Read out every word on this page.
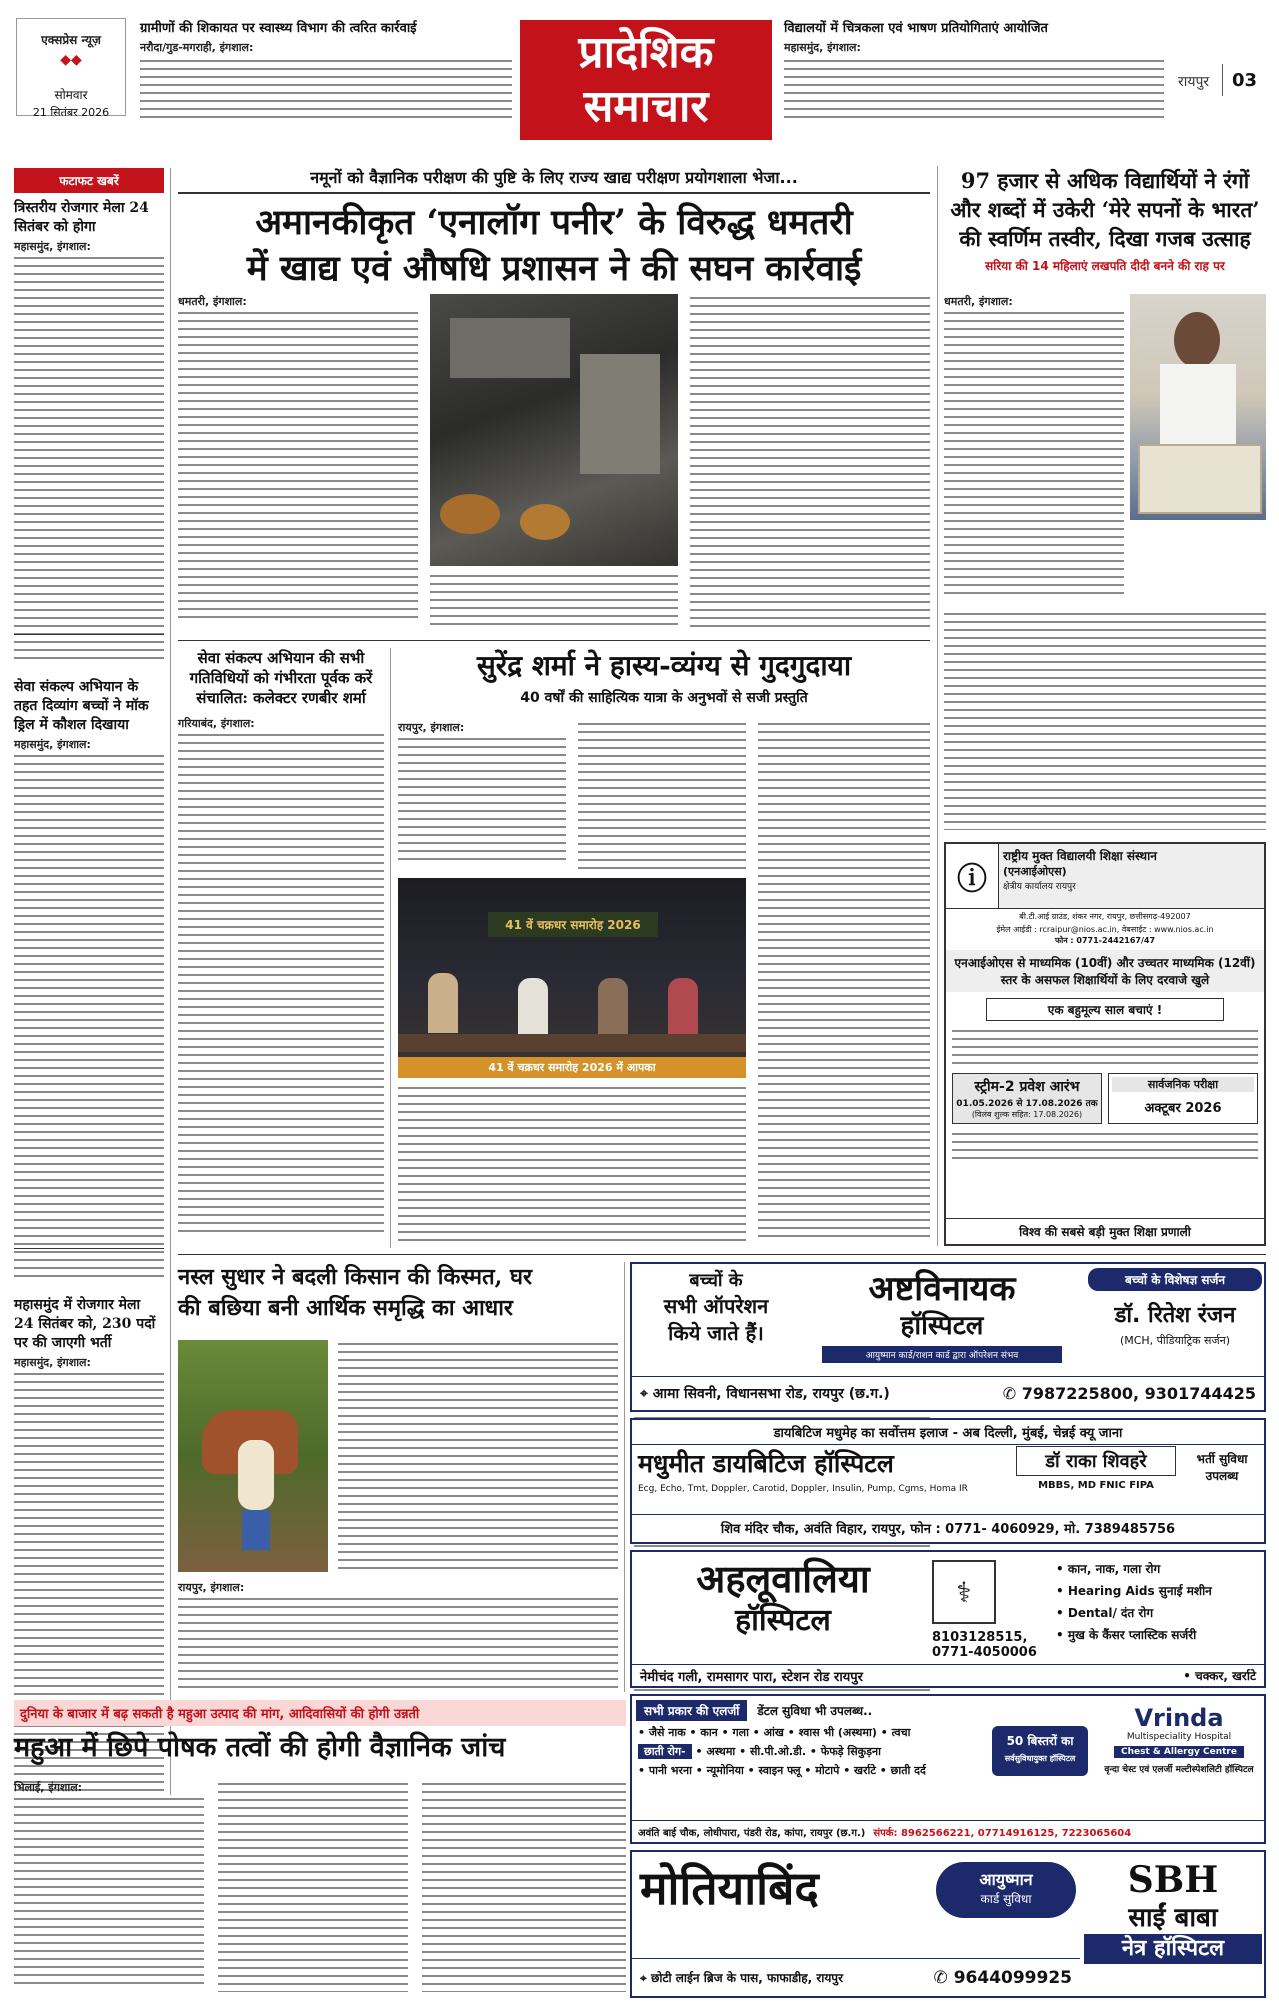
एक्सप्रेस न्यूज़
◆◆
सोमवार
21 सितंबर 2026
ग्रामीणों की शिकायत पर स्वास्थ्य विभाग की त्वरित कार्रवाई
नरौदा/गुड-मगराही, इंगशाल:	प्रादेशिक समाचार
विद्यालयों में चित्रकला एवं भाषण प्रतियोगिताएं आयोजित
महासमुंद, इंगशाल:
रायपुर 03
फटाफट खबरें
त्रिस्तरीय रोजगार मेला 24 सितंबर को होगा
महासमुंद, इंगशाल:
सेवा संकल्प अभियान के तहत दिव्यांग बच्चों ने मॉक ड्रिल में कौशल दिखाया
महासमुंद, इंगशाल:
महासमुंद में रोजगार मेला 24 सितंबर को, 230 पदों पर की जाएगी भर्ती
महासमुंद, इंगशाल:
नमूनों को वैज्ञानिक परीक्षण की पुष्टि के लिए राज्य खाद्य परीक्षण प्रयोगशाला भेजा...
अमानकीकृत ‘एनालॉग पनीर’ के विरुद्ध धमतरी
में खाद्य एवं औषधि प्रशासन ने की सघन कार्रवाई
धमतरी, इंगशाल:
97 हजार से अधिक विद्यार्थियों ने रंगों
और शब्दों में उकेरी ‘मेरे सपनों के भारत’
की स्वर्णिम तस्वीर, दिखा गजब उत्साह
सरिया की 14 महिलाएं लखपति दीदी बनने की राह पर
धमतरी, इंगशाल:
सेवा संकल्प अभियान की सभी
गतिविधियों को गंभीरता पूर्वक करें
संचालित: कलेक्टर रणबीर शर्मा
गरियाबंद, इंगशाल:
सुरेंद्र शर्मा ने हास्य-व्यंग्य से गुदगुदाया
40 वर्षों की साहित्यिक यात्रा के अनुभवों से सजी प्रस्तुति
रायपुर, इंगशाल:
41 वें चक्रधर समारोह 2026
41 वें चक्रधर समारोह 2026 में आपका
ⓘ
राष्ट्रीय मुक्त विद्यालयी शिक्षा संस्थान
(एनआईओएस)
क्षेत्रीय कार्यालय रायपुर
बी.टी.आई ग्राउंड, शंकर नगर, रायपुर, छत्तीसगढ़-492007
ईमेल आईडी : rcraipur@nios.ac.in, वेबसाईट : www.nios.ac.in
फोन : 0771-2442167/47
एनआईओएस से माध्यमिक (10वीं) और उच्चतर माध्यमिक (12वीं) स्तर के असफल शिक्षार्थियों के लिए दरवाजे खुले
एक बहुमूल्य साल बचाएं !
स्ट्रीम-2 प्रवेश आरंभ
01.05.2026 से 17.08.2026 तक
(विलंब शुल्क सहित: 17.08.2026)
सार्वजनिक परीक्षा
अक्टूबर 2026
विश्व की सबसे बड़ी मुक्त शिक्षा प्रणाली
नस्ल सुधार ने बदली किसान की किस्मत, घर
की बछिया बनी आर्थिक समृद्धि का आधार
रायपुर, इंगशाल:
दुनिया के बाजार में बढ़ सकती है महुआ उत्पाद की मांग, आदिवासियों की होगी उन्नती
महुआ में छिपे पोषक तत्वों की होगी वैज्ञानिक जांच
भिलाई, इंगशाल:
बच्चों के
सभी ऑपरेशन
किये जाते हैं।
अष्टविनायक
हॉस्पिटल
आयुष्मान कार्ड/राशन कार्ड द्वारा ऑपरेशन संभव
बच्चों के विशेषज्ञ सर्जन
डॉ. रितेश रंजन
(MCH, पीडियाट्रिक सर्जन)
⌖ आमा सिवनी, विधानसभा रोड, रायपुर (छ.ग.)	✆ 7987225800, 9301744425
डायबिटिज मधुमेह का सर्वोत्तम इलाज - अब दिल्ली, मुंबई, चेन्नई क्यू जाना
मधुमीत डायबिटिज हॉस्पिटल
Ecg, Echo, Tmt, Doppler, Carotid, Doppler, Insulin, Pump, Cgms, Homa IR
डॉ राका शिवहरे
MBBS, MD FNIC FIPA
भर्ती सुविधा उपलब्ध
शिव मंदिर चौक, अवंति विहार, रायपुर, फोन : 0771- 4060929, मो. 7389485756
अहलूवालिया
हॉस्पिटल
⚕
8103128515,
0771-4050006
• कान, नाक, गला रोग
• Hearing Aids सुनाई मशीन
• Dental/ दंत रोग
• मुख के कैंसर प्लास्टिक सर्जरी
नेमीचंद गली, रामसागर पारा, स्टेशन रोड रायपुर	• चक्कर, खर्राटे
सभी प्रकार की एलर्जी	डेंटल सुविधा भी उपलब्ध..
• जैसे नाक • कान • गला • आंख • श्वास भी (अस्थमा) • त्वचा
छाती रोग- • अस्थमा • सी.पी.ओ.डी. • फेफड़े सिकुड़ना
• पानी भरना • न्यूमोनिया • स्वाइन फ्लू • मोटापे • खर्राटे • छाती दर्द
50 बिस्तरों का
सर्वसुविधायुक्त हॉस्पिटल
Vrinda
Multispeciality Hospital
Chest & Allergy Centre
वृन्दा चेस्ट एवं एलर्जी मल्टीस्पेशलिटी हॉस्पिटल
अवंति बाई चौक, लोधीपारा, पंडरी रोड, कांपा, रायपुर (छ.ग.) संपर्क: 8962566221, 07714916125, 7223065604
मोतियाबिंद	आयुष्मान
कार्ड सुविधा	SBH
साईं बाबा
नेत्र हॉस्पिटल
⌖ छोटी लाईन ब्रिज के पास, फाफाडीह, रायपुर	✆ 9644099925
